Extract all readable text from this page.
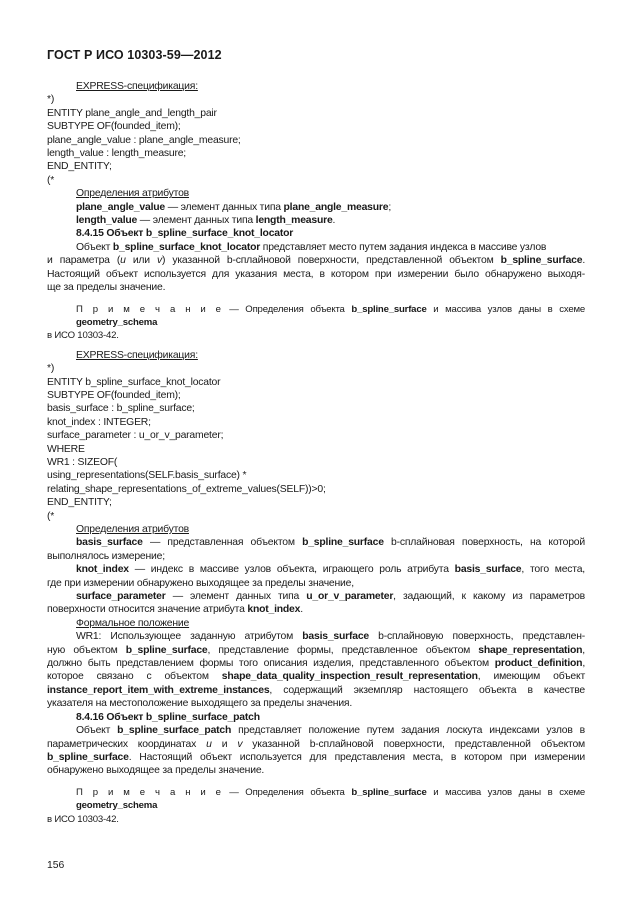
ГОСТ Р ИСО 10303-59—2012
EXPRESS-спецификация:
*)
ENTITY plane_angle_and_length_pair
SUBTYPE OF(founded_item);
plane_angle_value : plane_angle_measure;
length_value : length_measure;
END_ENTITY;
(*
Определения атрибутов
plane_angle_value — элемент данных типа plane_angle_measure;
length_value — элемент данных типа length_measure.
8.4.15 Объект b_spline_surface_knot_locator
Объект b_spline_surface_knot_locator представляет место путем задания индекса в массиве узлов
и параметра (u или v) указанной b-сплайновой поверхности, представленной объектом b_spline_surface.
Настоящий объект используется для указания места, в котором при измерении было обнаружено выходя-
ще за пределы значение.
П р и м е ч а н и е — Определения объекта b_spline_surface и массива узлов даны в схеме geometry_schema
в ИСО 10303-42.
EXPRESS-спецификация:
*)
ENTITY b_spline_surface_knot_locator
SUBTYPE OF(founded_item);
basis_surface : b_spline_surface;
knot_index : INTEGER;
surface_parameter : u_or_v_parameter;
WHERE
WR1 : SIZEOF(
using_representations(SELF.basis_surface) *
relating_shape_representations_of_extreme_values(SELF))>0;
END_ENTITY;
(*
Определения атрибутов
basis_surface — представленная объектом b_spline_surface b-сплайновая поверхность, на которой
выполнялось измерение;
knot_index — индекс в массиве узлов объекта, играющего роль атрибута basis_surface, того места,
где при измерении обнаружено выходящее за пределы значение,
surface_parameter — элемент данных типа u_or_v_parameter, задающий, к какому из параметров
поверхности относится значение атрибута knot_index.
Формальное положение
WR1: Использующее заданную атрибутом basis_surface b-сплайновую поверхность, представлен-
ную объектом b_spline_surface, представление формы, представленное объектом shape_representation,
должно быть представлением формы того описания изделия, представленного объектом product_definition,
которое связано с объектом shape_data_quality_inspection_result_representation, имеющим объект
instance_report_item_with_extreme_instances, содержащий экземпляр настоящего объекта в качестве
указателя на местоположение выходящего за пределы значения.
8.4.16 Объект b_spline_surface_patch
Объект b_spline_surface_patch представляет положение путем задания лоскута индексами узлов в
параметрических координатах u и v указанной b-сплайновой поверхности, представленной объектом
b_spline_surface. Настоящий объект используется для представления места, в котором при измерении
обнаружено выходящее за пределы значение.
П р и м е ч а н и е — Определения объекта b_spline_surface и массива узлов даны в схеме geometry_schema
в ИСО 10303-42.
156
